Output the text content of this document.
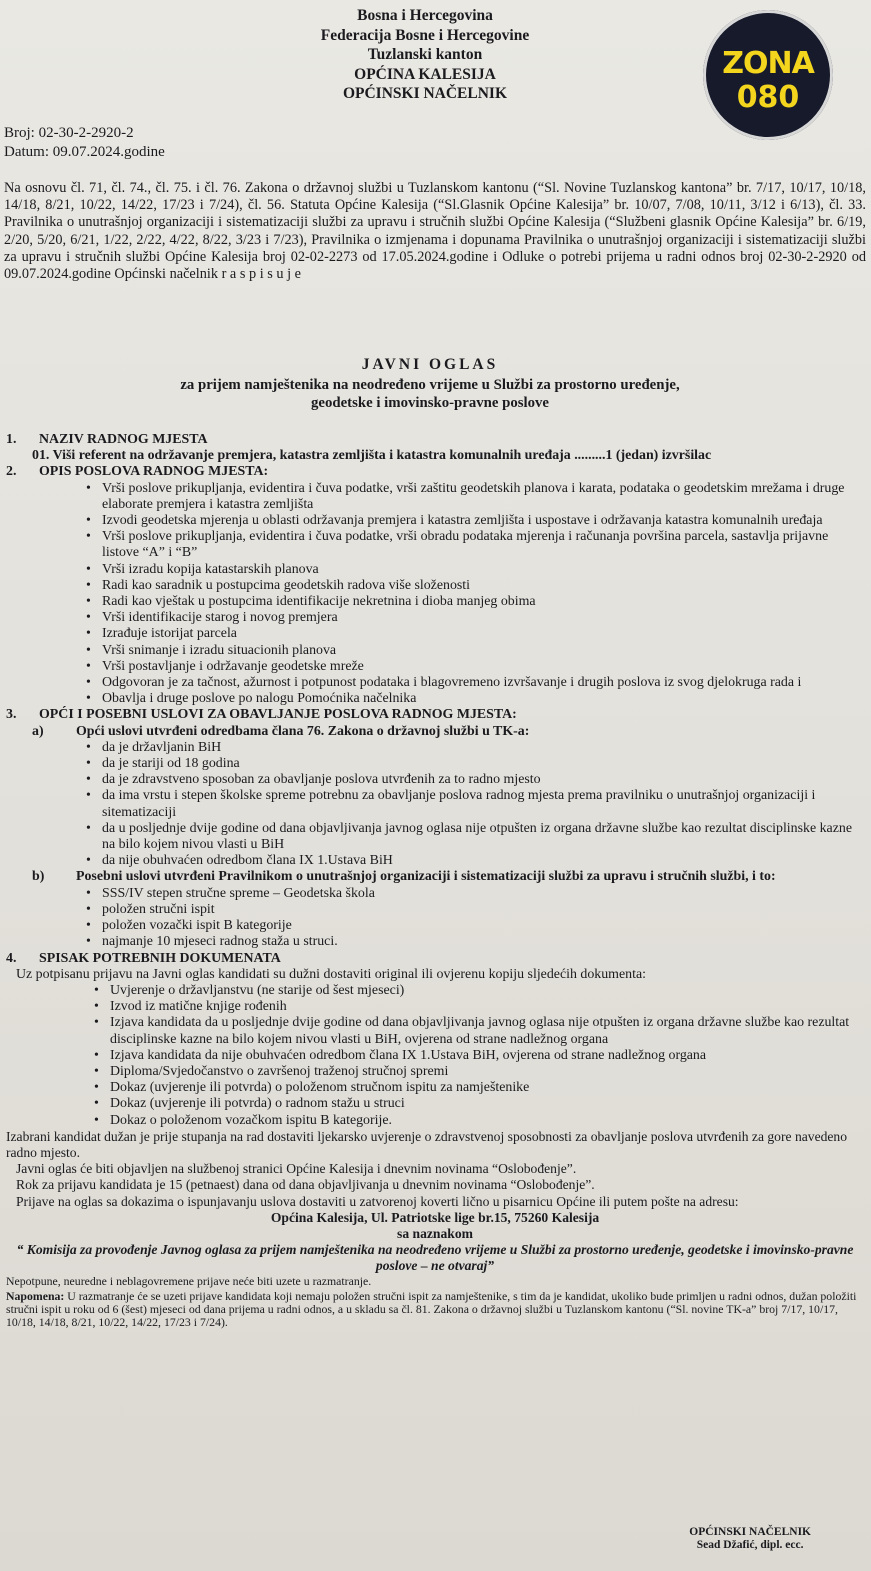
Bosna i Hercegovina
Federacija Bosne i Hercegovine
Tuzlanski kanton
OPĆINA KALESIJA
OPĆINSKI NAČELNIK
ZONA
080
Broj: 02-30-2-2920-2
Datum: 09.07.2024.godine
Na osnovu čl. 71, čl. 74., čl. 75. i čl. 76. Zakona o državnoj službi u Tuzlanskom kantonu (“Sl. Novine Tuzlanskog kantona” br. 7/17, 10/17, 10/18, 14/18, 8/21, 10/22, 14/22, 17/23 i 7/24), čl. 56. Statuta Općine Kalesija (“Sl.Glasnik Općine Kalesija” br. 10/07, 7/08, 10/11, 3/12 i 6/13), čl. 33. Pravilnika o unutrašnjoj organizaciji i sistematizaciji službi za upravu i stručnih službi Općine Kalesija (“Službeni glasnik Općine Kalesija” br. 6/19, 2/20, 5/20, 6/21, 1/22, 2/22, 4/22, 8/22, 3/23 i 7/23), Pravilnika o izmjenama i dopunama Pravilnika o unutrašnjoj organizaciji i sistematizaciji službi za upravu i stručnih službi Općine Kalesija broj 02-02-2273 od 17.05.2024.godine i Odluke o potrebi prijema u radni odnos broj 02-30-2-2920 od 09.07.2024.godine Općinski načelnik r a s p i s u j e
JAVNI OGLAS
za prijem namještenika na neodređeno vrijeme u Službi za prostorno uređenje,
geodetske i imovinsko-pravne poslove
1.	NAZIV RADNOG MJESTA
01. Viši referent na održavanje premjera, katastra zemljišta i katastra komunalnih uređaja .........1 (jedan) izvršilac
2.	OPIS POSLOVA RADNOG MJESTA:
• Vrši poslove prikupljanja, evidentira i čuva podatke, vrši zaštitu geodetskih planova i karata, podataka o geodetskim mrežama i druge elaborate premjera i katastra zemljišta
• Izvodi geodetska mjerenja u oblasti održavanja premjera i katastra zemljišta i uspostave i održavanja katastra komunalnih uređaja
• Vrši poslove prikupljanja, evidentira i čuva podatke, vrši obradu podataka mjerenja i računanja površina parcela, sastavlja prijavne listove “A” i “B”
• Vrši izradu kopija katastarskih planova
• Radi kao saradnik u postupcima geodetskih radova više složenosti
• Radi kao vještak u postupcima identifikacije nekretnina i dioba manjeg obima
• Vrši identifikacije starog i novog premjera
• Izrađuje istorijat parcela
• Vrši snimanje i izradu situacionih planova
• Vrši postavljanje i održavanje geodetske mreže
• Odgovoran je za tačnost, ažurnost i potpunost podataka i blagovremeno izvršavanje i drugih poslova iz svog djelokruga rada i
• Obavlja i druge poslove po nalogu Pomoćnika načelnika
3.	OPĆI I POSEBNI USLOVI ZA OBAVLJANJE POSLOVA RADNOG MJESTA:
a)	Opći uslovi utvrđeni odredbama člana 76. Zakona o državnoj službi u TK-a:
• da je državljanin BiH
• da je stariji od 18 godina
• da je zdravstveno sposoban za obavljanje poslova utvrđenih za to radno mjesto
• da ima vrstu i stepen školske spreme potrebnu za obavljanje poslova radnog mjesta prema pravilniku o unutrašnjoj organizaciji i sitematizaciji
• da u posljednje dvije godine od dana objavljivanja javnog oglasa nije otpušten iz organa državne službe kao rezultat disciplinske kazne na bilo kojem nivou vlasti u BiH
• da nije obuhvaćen odredbom člana IX 1.Ustava BiH
b)	Posebni uslovi utvrđeni Pravilnikom o unutrašnjoj organizaciji i sistematizaciji službi za upravu i stručnih službi, i to:
• SSS/IV stepen stručne spreme – Geodetska škola
• položen stručni ispit
• položen vozački ispit B kategorije
• najmanje 10 mjeseci radnog staža u struci.
4.	SPISAK POTREBNIH DOKUMENATA
Uz potpisanu prijavu na Javni oglas kandidati su dužni dostaviti original ili ovjerenu kopiju sljedećih dokumenta:
• Uvjerenje o državljanstvu (ne starije od šest mjeseci)
• Izvod iz matične knjige rođenih
• Izjava kandidata da u posljednje dvije godine od dana objavljivanja javnog oglasa nije otpušten iz organa državne službe kao rezultat disciplinske kazne na bilo kojem nivou vlasti u BiH, ovjerena od strane nadležnog organa
• Izjava kandidata da nije obuhvaćen odredbom člana IX 1.Ustava BiH, ovjerena od strane nadležnog organa
• Diploma/Svjedočanstvo o završenoj traženoj stručnoj spremi
• Dokaz (uvjerenje ili potvrda) o položenom stručnom ispitu za namještenike
• Dokaz (uvjerenje ili potvrda) o radnom stažu u struci
• Dokaz o položenom vozačkom ispitu B kategorije.
Izabrani kandidat dužan je prije stupanja na rad dostaviti ljekarsko uvjerenje o zdravstvenoj sposobnosti za obavljanje poslova utvrđenih za gore navedeno radno mjesto.
Javni oglas će biti objavljen na službenoj stranici Općine Kalesija i dnevnim novinama “Oslobođenje”.
Rok za prijavu kandidata je 15 (petnaest) dana od dana objavljivanja u dnevnim novinama “Oslobođenje”.
Prijave na oglas sa dokazima o ispunjavanju uslova dostaviti u zatvorenoj koverti lično u pisarnicu Općine ili putem pošte na adresu:
Općina Kalesija, Ul. Patriotske lige br.15, 75260 Kalesija
sa naznakom
“ Komisija za provođenje Javnog oglasa za prijem namještenika na neodređeno vrijeme u Službi za prostorno uređenje, geodetske i imovinsko-pravne poslove – ne otvaraj”
Nepotpune, neuredne i neblagovremene prijave neće biti uzete u razmatranje.
Napomena: U razmatranje će se uzeti prijave kandidata koji nemaju položen stručni ispit za namještenike, s tim da je kandidat, ukoliko bude primljen u radni odnos, dužan položiti stručni ispit u roku od 6 (šest) mjeseci od dana prijema u radni odnos, a u skladu sa čl. 81. Zakona o državnoj službi u Tuzlanskom kantonu (“Sl. novine TK-a” broj 7/17, 10/17, 10/18, 14/18, 8/21, 10/22, 14/22, 17/23 i 7/24).
OPĆINSKI NAČELNIK
Sead Džafić, dipl. ecc.
